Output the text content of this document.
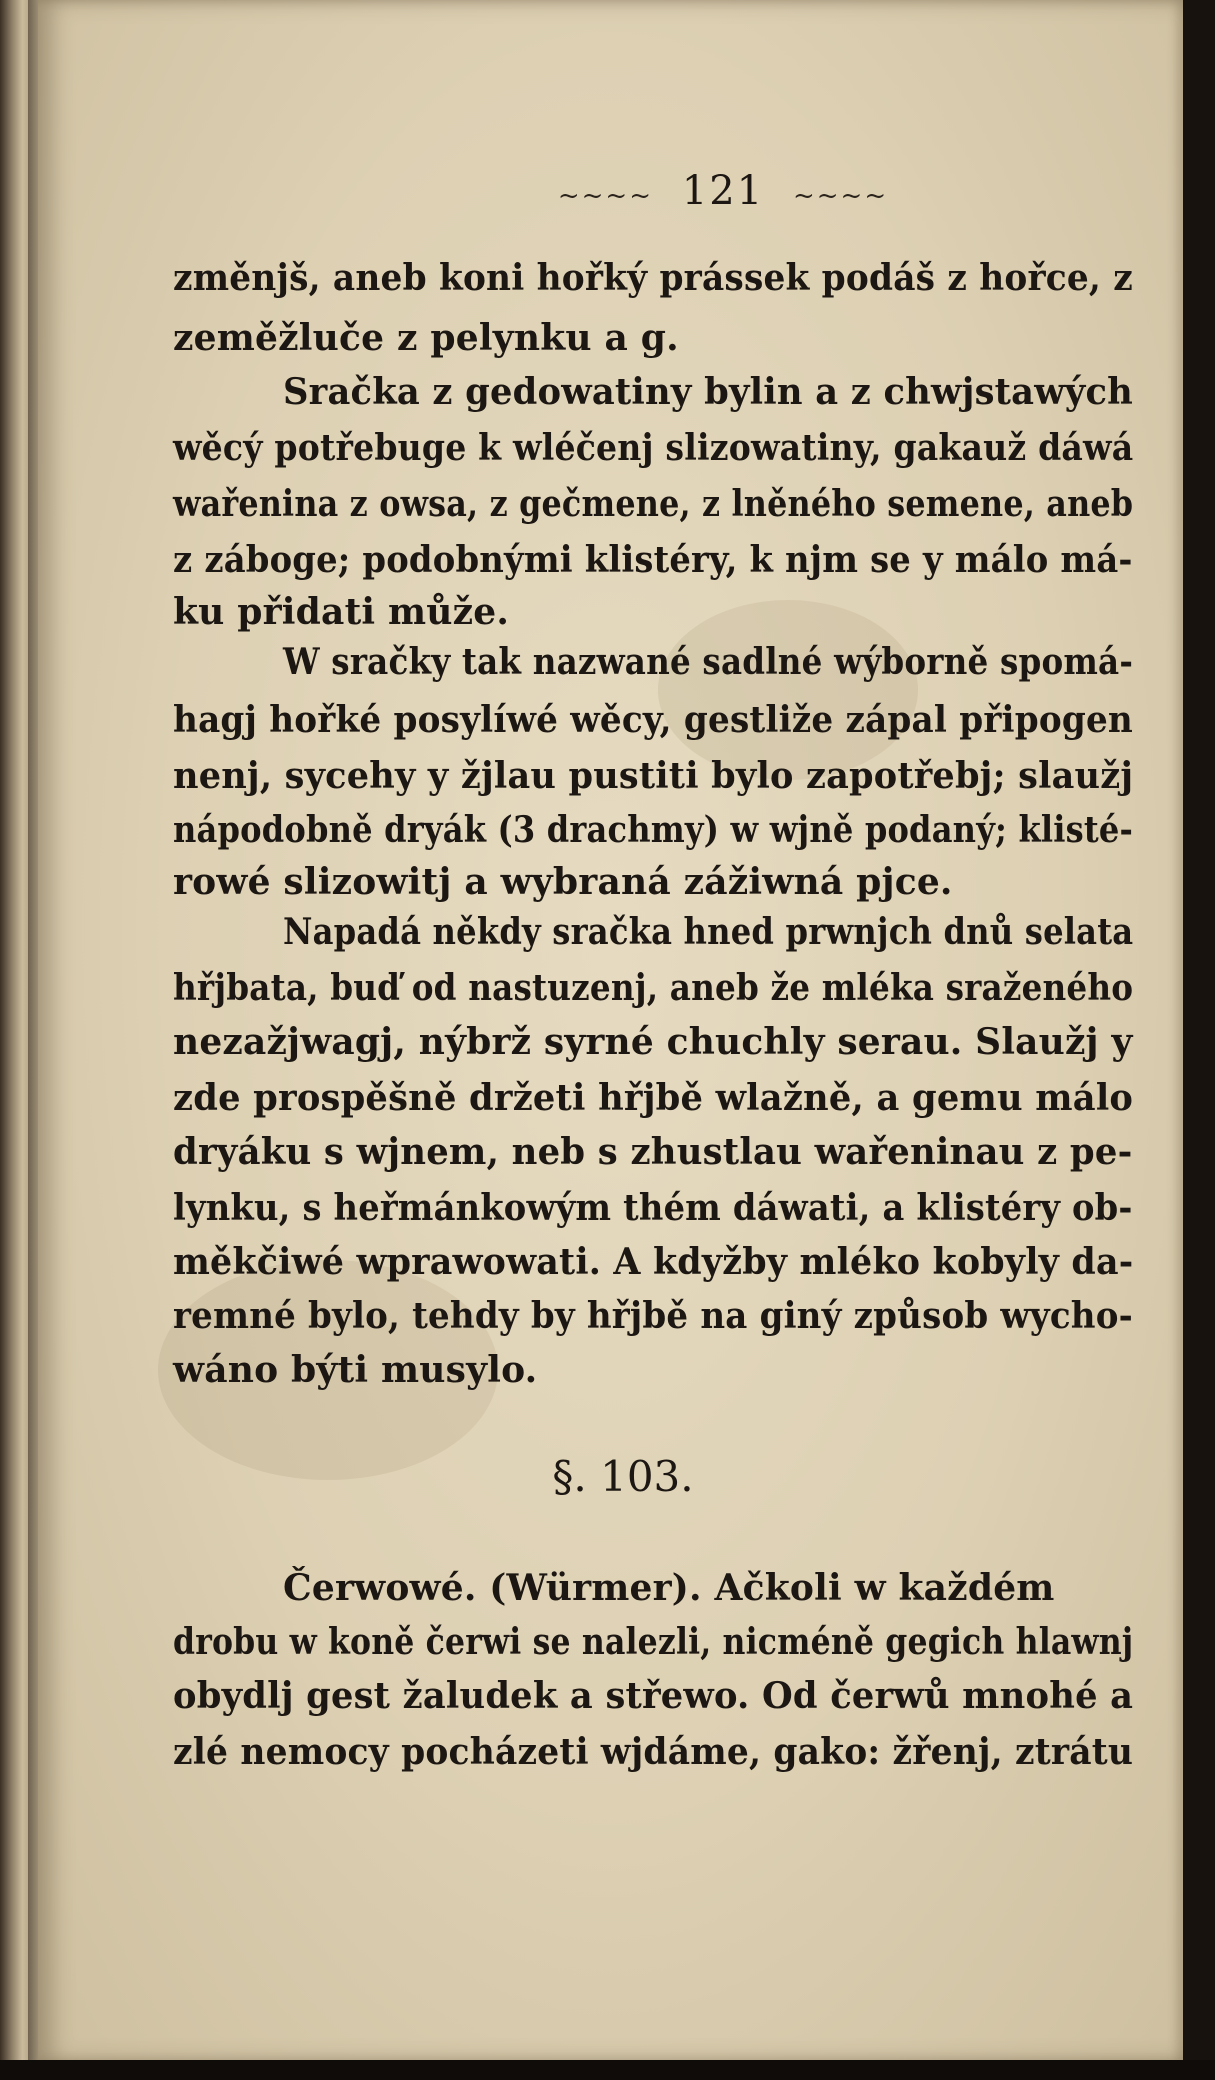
~~~~ 121 ~~~~
změnjš, aneb koni hořký prássek podáš z hořce, z
zeměžluče z pelynku a g.
Sračka z gedowatiny bylin a z chwjstawých
wěcý potřebuge k wléčenj slizowatiny, gakauž dáwá
wařenina z owsa, z gečmene, z lněného semene, aneb
z záboge; podobnými klistéry, k njm se y málo má-
ku přidati může.
W sračky tak nazwané sadlné wýborně spomá-
hagj hořké posylíwé wěcy, gestliže zápal připogen
nenj, sycehy y žjlau pustiti bylo zapotřebj; slaužj
nápodobně dryák (3 drachmy) w wjně podaný; klisté-
rowé slizowitj a wybraná zážiwná pjce.
Napadá někdy sračka hned prwnjch dnů selata
hřjbata, buď od nastuzenj, aneb že mléka sraženého
nezažjwagj, nýbrž syrné chuchly serau. Slaužj y
zde prospěšně držeti hřjbě wlažně, a gemu málo
dryáku s wjnem, neb s zhustlau wařeninau z pe-
lynku, s heřmánkowým thém dáwati, a klistéry ob-
měkčiwé wprawowati. A kdyžby mléko kobyly da-
remné bylo, tehdy by hřjbě na giný způsob wycho-
wáno býti musylo.
§. 103.
Čerwowé. (Würmer). Ačkoli w každém
drobu w koně čerwi se nalezli, nicméně gegich hlawnj
obydlj gest žaludek a střewo. Od čerwů mnohé a
zlé nemocy pocházeti wjdáme, gako: žřenj, ztrátu
